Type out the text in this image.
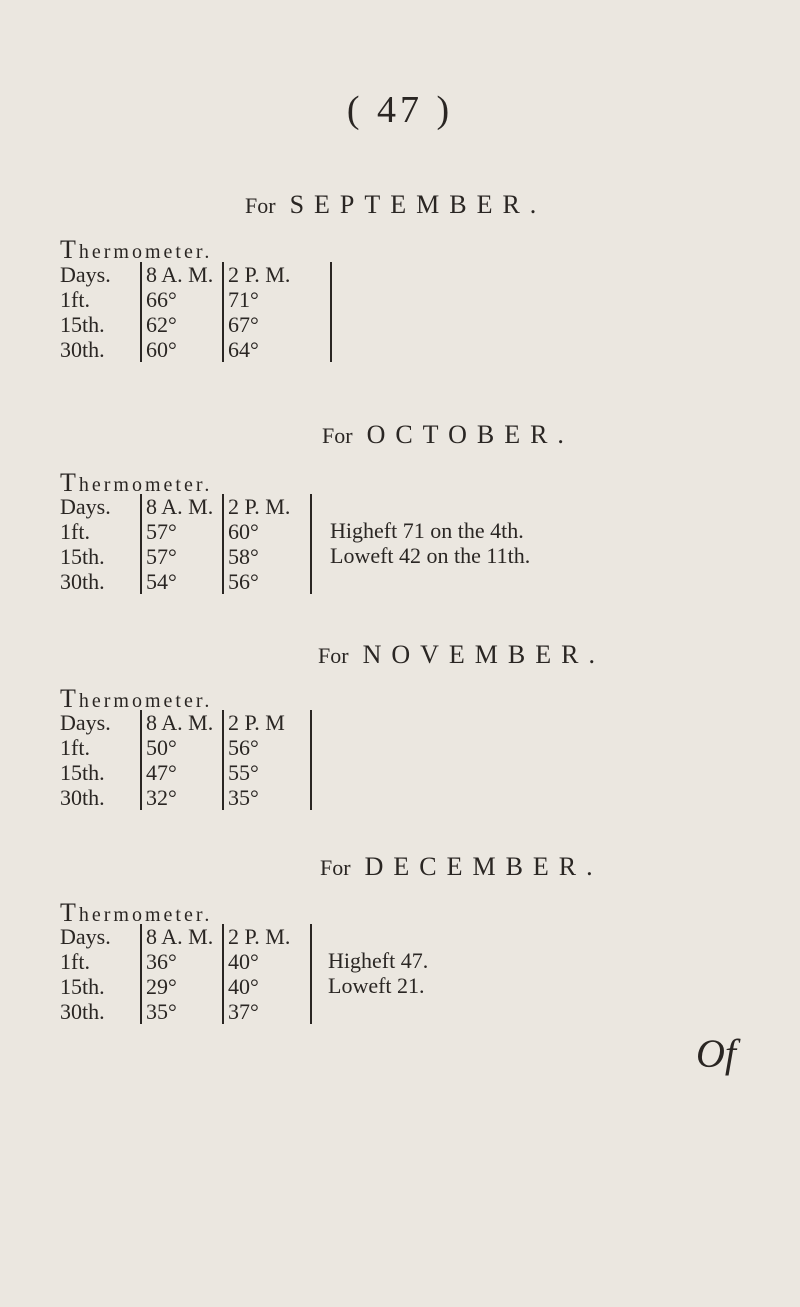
( 47 )
For SEPTEMBER.
Thermometer.
Days.
1ft.
15th.
30th.
8 A. M.
66°
62°
60°
2 P. M.
71°
67°
64°
For OCTOBER.
Thermometer.
Days.
1ft.
15th.
30th.
8 A. M.
57°
57°
54°
2 P. M.
60°
58°
56°
Higheft 71 on the 4th.
Loweft 42 on the 11th.
For NOVEMBER.
Thermometer.
Days.
1ft.
15th.
30th.
8 A. M.
50°
47°
32°
2 P. M
56°
55°
35°
For DECEMBER.
Thermometer.
Days.
1ft.
15th.
30th.
8 A. M.
36°
29°
35°
2 P. M.
40°
40°
37°
Higheft 47.
Loweft 21.
Of
